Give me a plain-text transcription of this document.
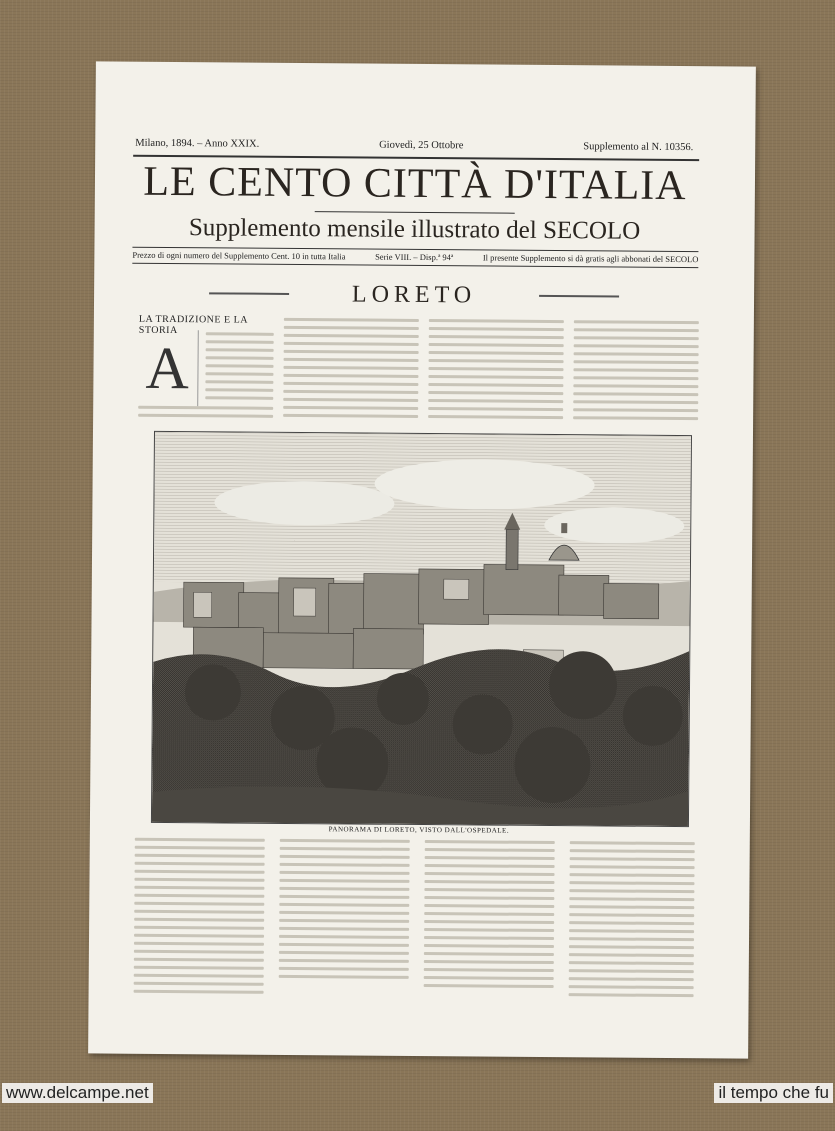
Milano, 1894. – Anno XXIX.	Giovedì, 25 Ottobre	Supplemento al N. 10356.
LE CENTO CITTÀ D'ITALIA
Supplemento mensile illustrato del SECOLO
Prezzo di ogni numero del Supplemento Cent. 10 in tutta Italia	Serie VIII. – Disp.ª 94ª	Il presente Supplemento si dà gratis agli abbonati del SECOLO
LORETO
LA TRADIZIONE E LA STORIA
A
PANORAMA DI LORETO, VISTO DALL'OSPEDALE.
www.delcampe.net	il tempo che fu
